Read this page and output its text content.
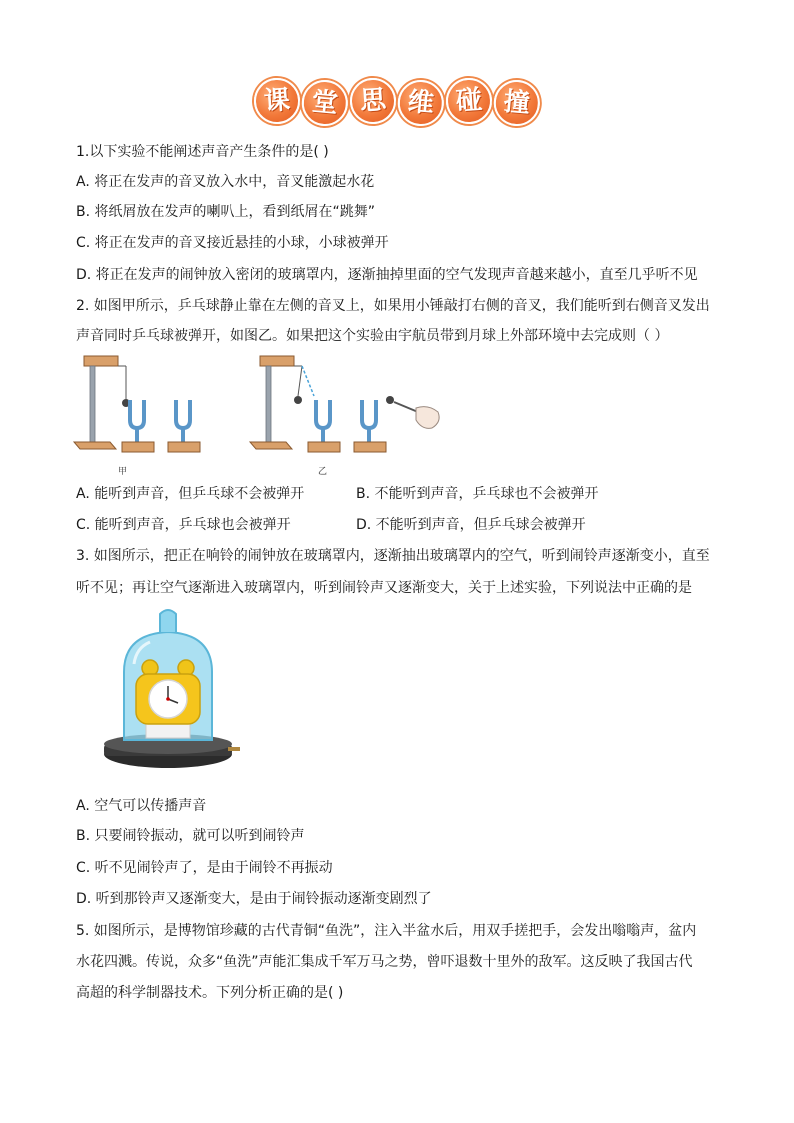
课 堂 思 维 碰 撞
1.以下实验不能阐述声音产生条件的是( )
A. 将正在发声的音叉放入水中，音叉能激起水花
B. 将纸屑放在发声的喇叭上，看到纸屑在“跳舞”
C. 将正在发声的音叉接近悬挂的小球，小球被弹开
D. 将正在发声的闹钟放入密闭的玻璃罩内，逐渐抽掉里面的空气发现声音越来越小，直至几乎听不见
2. 如图甲所示，乒乓球静止靠在左侧的音叉上，如果用小锤敲打右侧的音叉，我们能听到右侧音叉发出
声音同时乒乓球被弹开，如图乙。如果把这个实验由宇航员带到月球上外部环境中去完成则（ ）
甲	乙
A. 能听到声音，但乒乓球不会被弹开	B. 不能听到声音，乒乓球也不会被弹开
C. 能听到声音，乒乓球也会被弹开	D. 不能听到声音，但乒乓球会被弹开
3. 如图所示，把正在响铃的闹钟放在玻璃罩内，逐渐抽出玻璃罩内的空气，听到闹铃声逐渐变小，直至
听不见；再让空气逐渐进入玻璃罩内，听到闹铃声又逐渐变大，关于上述实验，下列说法中正确的是
A. 空气可以传播声音
B. 只要闹铃振动，就可以听到闹铃声
C. 听不见闹铃声了，是由于闹铃不再振动
D. 听到那铃声又逐渐变大，是由于闹铃振动逐渐变剧烈了
5. 如图所示，是博物馆珍藏的古代青铜“鱼洗”，注入半盆水后，用双手搓把手，会发出嗡嗡声，盆内
水花四溅。传说，众多“鱼洗”声能汇集成千军万马之势，曾吓退数十里外的敌军。这反映了我国古代
高超的科学制器技术。下列分析正确的是( )
